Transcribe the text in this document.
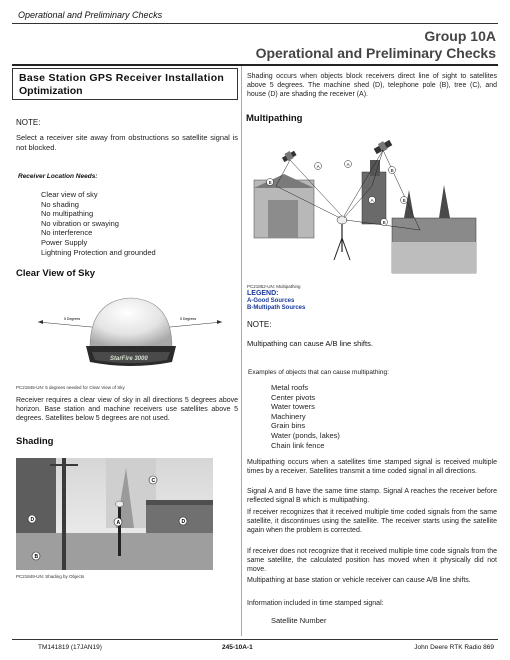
Operational and Preliminary Checks
Group 10A
Operational and Preliminary Checks
Base Station GPS Receiver Installation
Optimization
NOTE:
Select a receiver site away from obstructions so satellite signal is not blocked.
Receiver Location Needs:
Clear view of sky
No shading
No multipathing
No vibration or swaying
No interference
Power Supply
Lightning Protection and grounded
Clear View of Sky
5 Degrees	5 Degrees
StarFire 3000
PC21845-UN: 5 degrees needed for Clear View of Sky
Receiver requires a clear view of sky in all directions 5 degrees above horizon. Base station and machine receivers use satellites above 5 degrees. Satellites below 5 degrees are not used.
Shading
C
D	A	D
B
PC21849-UN: Shading by Objects
Shading occurs when objects block receivers direct line of sight to satellites above 5 degrees. The machine shed (D), telephone pole (B), tree (C), and house (D) are shading the receiver (A).
Multipathing
A	A
B
B
A	B
B
PC21852-UN: Multipathing
LEGEND:
A-Good Sources
B-Multipath Sources
NOTE:
Multipathing can cause A/B line shifts.
Examples of objects that can cause multipathing:
Metal roofs
Center pivots
Water towers
Machinery
Grain bins
Water (ponds, lakes)
Chain link fence
Multipathing occurs when a satellites time stamped signal is received multiple times by a receiver. Satellites transmit a time coded signal in all directions.
Signal A and B have the same time stamp. Signal A reaches the receiver before reflected signal B which is multipathing.
If receiver recognizes that it received multiple time coded signals from the same satellite, it discontinues using the satellite. The receiver starts using the satellite again when the problem is corrected.
If receiver does not recognize that it received multiple time code signals from the same satellite, the calculated position has moved when it physically did not move.
Multipathing at base station or vehicle receiver can cause A/B line shifts.
Information included in time stamped signal:
Satellite Number
TM141819 (17JAN19)	245-10A-1	John Deere RTK Radio 869
